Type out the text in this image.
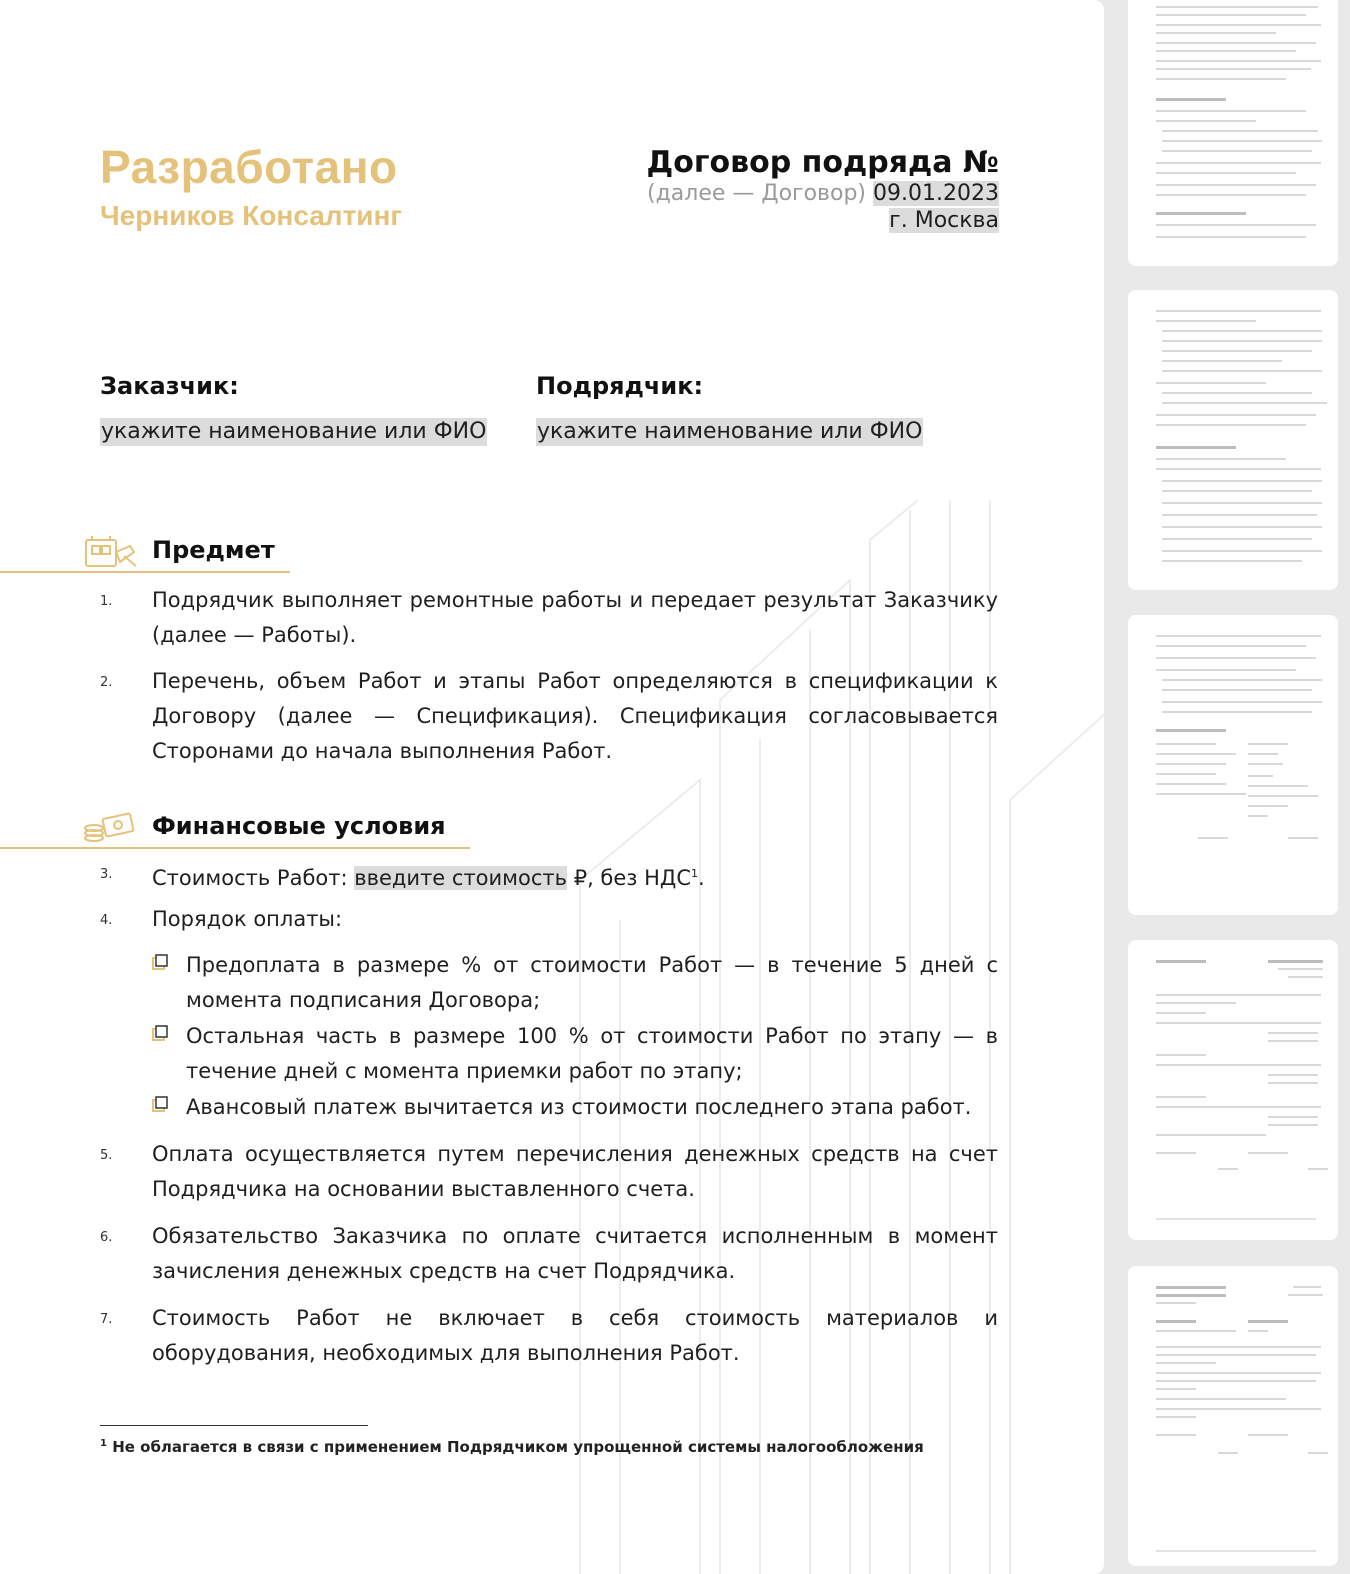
Разработано
Черников Консалтинг
Договор подряда №
(далее — Договор) 09.01.2023
г. Москва
Заказчик:
укажите наименование или ФИО
Подрядчик:
укажите наименование или ФИО
Предмет
1. Подрядчик выполняет ремонтные работы и передает результат Заказчику (далее — Работы).
2. Перечень, объем Работ и этапы Работ определяются в спецификации к Договору (далее — Спецификация). Спецификация согласовывается Сторонами до начала выполнения Работ.
Финансовые условия
3. Стоимость Работ: введите стоимость ₽, без НДС$^1$.
4. Порядок оплаты:
Предоплата в размере % от стоимости Работ — в течение 5 дней с момента подписания Договора;
Остальная часть в размере 100 % от стоимости Работ по этапу — в течение дней с момента приемки работ по этапу;
Авансовый платеж вычитается из стоимости последнего этапа работ.
5. Оплата осуществляется путем перечисления денежных средств на счет Подрядчика на основании выставленного счета.
6. Обязательство Заказчика по оплате считается исполненным в момент зачисления денежных средств на счет Подрядчика.
7. Стоимость Работ не включает в себя стоимость материалов и оборудования, необходимых для выполнения Работ.
$^1$ Не облагается в связи с применением Подрядчиком упрощенной системы налогообложения
